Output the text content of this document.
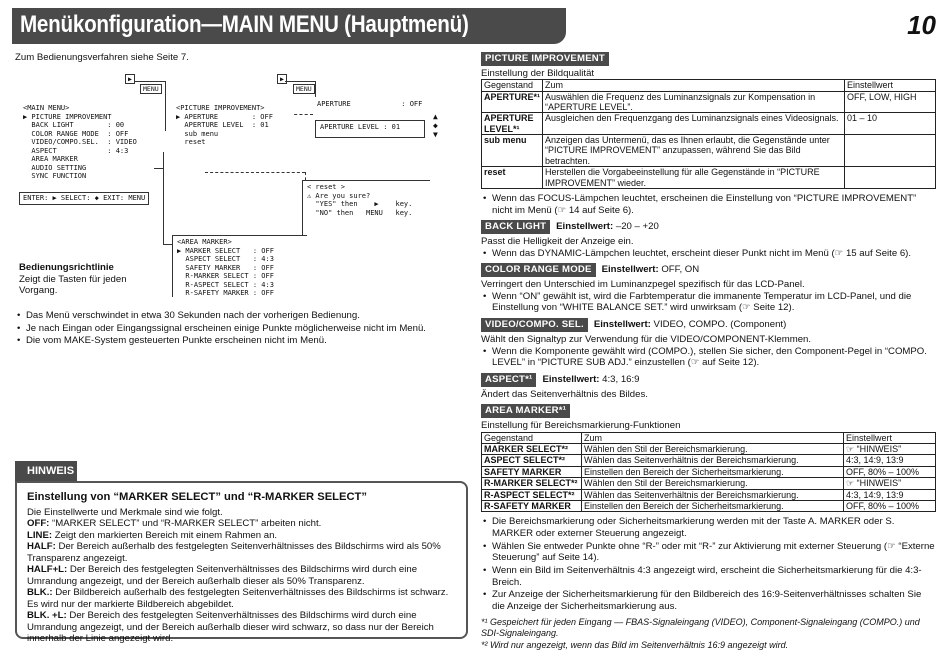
Menükonfiguration—MAIN MENU (Hauptmenü)	10
Zum Bedienungsverfahren siehe Seite 7.
▶
MENU
▶
MENU
<MAIN MENU>
▶ PICTURE IMPROVEMENT
BACK LIGHT        : 00
COLOR RANGE MODE  : OFF
VIDEO/COMPO.SEL.  : VIDEO
ASPECT            : 4:3
AREA MARKER
AUDIO SETTING
SYNC FUNCTION
ENTER: ▶ SELECT: ◆ EXIT: MENU
<PICTURE IMPROVEMENT>
▶ APERTURE        : OFF
APERTURE LEVEL  : 01
sub menu
reset
APERTURE            : OFF
APERTURE LEVEL : 01
▲
◆
▼
< reset >
⚠ Are you sure?
"YES" then    ▶    key.
"NO" then   MENU   key.
<AREA MARKER>
▶ MARKER SELECT   : OFF
ASPECT SELECT   : 4:3
SAFETY MARKER   : OFF
R-MARKER SELECT : OFF
R-ASPECT SELECT : 4:3
R-SAFETY MARKER : OFF
Bedienungsrichtlinie
Zeigt die Tasten für jeden Vorgang.
• Das Menü verschwindet in etwa 30 Sekunden nach der vorherigen Bedienung.
• Je nach Eingan oder Eingangssignal erscheinen einige Punkte möglicherweise nicht im Menü.
• Die vom MAKE-System gesteuerten Punkte erscheinen nicht im Menü.
HINWEIS
Einstellung von “MARKER SELECT” und “R-MARKER SELECT”

Die Einstellwerte und Merkmale sind wie folgt.

OFF: “MARKER SELECT” und “R-MARKER SELECT” arbeiten nicht.

LINE: Zeigt den markierten Bereich mit einem Rahmen an.

HALF: Der Bereich außerhalb des festgelegten Seitenverhältnisses des Bildschirms wird als 50% Transparenz angezeigt.

HALF+L: Der Bereich des festgelegten Seitenverhältnisses des Bildschirms wird durch eine Umrandung angezeigt, und der Bereich außerhalb dieser als 50% Transparenz.

BLK.: Der Bildbereich außerhalb des festgelegten Seitenverhältnisses des Bildschirms ist schwarz. Es wird nur der markierte Bildbereich abgebildet.

BLK. +L: Der Bereich des festgelegten Seitenverhältnisses des Bildschirms wird durch eine Umrandung angezeigt, und der Bereich außerhalb dieser wird schwarz, so dass nur der Bereich innerhalb der Linie angezeigt wird.

PICTURE IMPROVEMENT
Einstellung der Bildqualität
Gegenstand	Zum	Einstellwert
APERTURE*¹	Auswählen die Frequenz des Luminanzsignals zur Kompensation in “APERTURE LEVEL”.	OFF, LOW, HIGH
APERTURE LEVEL*¹	Ausgleichen den Frequenzgang des Luminanzsignals eines Videosignals.	01 – 10
sub menu	Anzeigen das Untermenü, das es Ihnen erlaubt, die Gegenstände unter “PICTURE IMPROVEMENT” anzupassen, während Sie das Bild betrachten.	
reset	Herstellen die Vorgabeeinstellung für alle Gegenstände in “PICTURE IMPROVEMENT” wieder.	
• Wenn das FOCUS-Lämpchen leuchtet, erscheinen die Einstellung von “PICTURE IMPROVEMENT” nicht im Menü (☞ 14 auf Seite 6).
BACK LIGHT	Einstellwert: –20 – +20
Passt die Helligkeit der Anzeige ein.
• Wenn das DYNAMIC-Lämpchen leuchtet, erscheint dieser Punkt nicht im Menü (☞ 15 auf Seite 6).
COLOR RANGE MODE	Einstellwert: OFF, ON
Verringert den Unterschied im Luminanzpegel spezifisch für das LCD-Panel.
• Wenn “ON” gewählt ist, wird die Farbtemperatur die immanente Temperatur im LCD-Panel, und die Einstellung von “WHITE BALANCE SET.” wird unwirksam (☞ Seite 12).
VIDEO/COMPO. SEL.	Einstellwert: VIDEO, COMPO. (Component)
Wählt den Signaltyp zur Verwendung für die VIDEO/COMPONENT-Klemmen.
• Wenn die Komponente gewählt wird (COMPO.), stellen Sie sicher, den Component-Pegel in “COMPO. LEVEL” in “PICTURE SUB ADJ.” einzustellen (☞ auf Seite 12).
ASPECT*¹	Einstellwert: 4:3, 16:9
Ändert das Seitenverhältnis des Bildes.
AREA MARKER*¹
Einstellung für Bereichsmarkierung-Funktionen
Gegenstand	Zum	Einstellwert
MARKER SELECT*²	Wählen den Stil der Bereichsmarkierung.	☞ “HINWEIS”
ASPECT SELECT*²	Wählen das Seitenverhältnis der Bereichsmarkierung.	4:3, 14:9, 13:9
SAFETY MARKER	Einstellen den Bereich der Sicherheitsmarkierung.	OFF, 80% – 100%
R-MARKER SELECT*²	Wählen den Stil der Bereichsmarkierung.	☞ “HINWEIS”
R-ASPECT SELECT*²	Wählen das Seitenverhältnis der Bereichsmarkierung.	4:3, 14:9, 13:9
R-SAFETY MARKER	Einstellen den Bereich der Sicherheitsmarkierung.	OFF, 80% – 100%
• Die Bereichsmarkierung oder Sicherheitsmarkierung werden mit der Taste A. MARKER oder S. MARKER oder externer Steuerung angezeigt.
• Wählen Sie entweder Punkte ohne “R-” oder mit “R-” zur Aktivierung mit externer Steuerung (☞ “Externe Steuerung” auf Seite 14).
• Wenn ein Bild im Seitenverhältnis 4:3 angezeigt wird, erscheint die Sicherheitsmarkierung für die 4:3-Breich.
• Zur Anzeige der Sicherheitsmarkierung für den Bildbereich des 16:9-Seitenverhältnisses schalten Sie die Anzeige der Sicherheitsmarkierung aus.
*¹ Gespeichert für jeden Eingang — FBAS-Signaleingang (VIDEO), Component-Signaleingang (COMPO.) und SDI-Signaleingang.
*² Wird nur angezeigt, wenn das Bild im Seitenverhältnis 16:9 angezeigt wird.
